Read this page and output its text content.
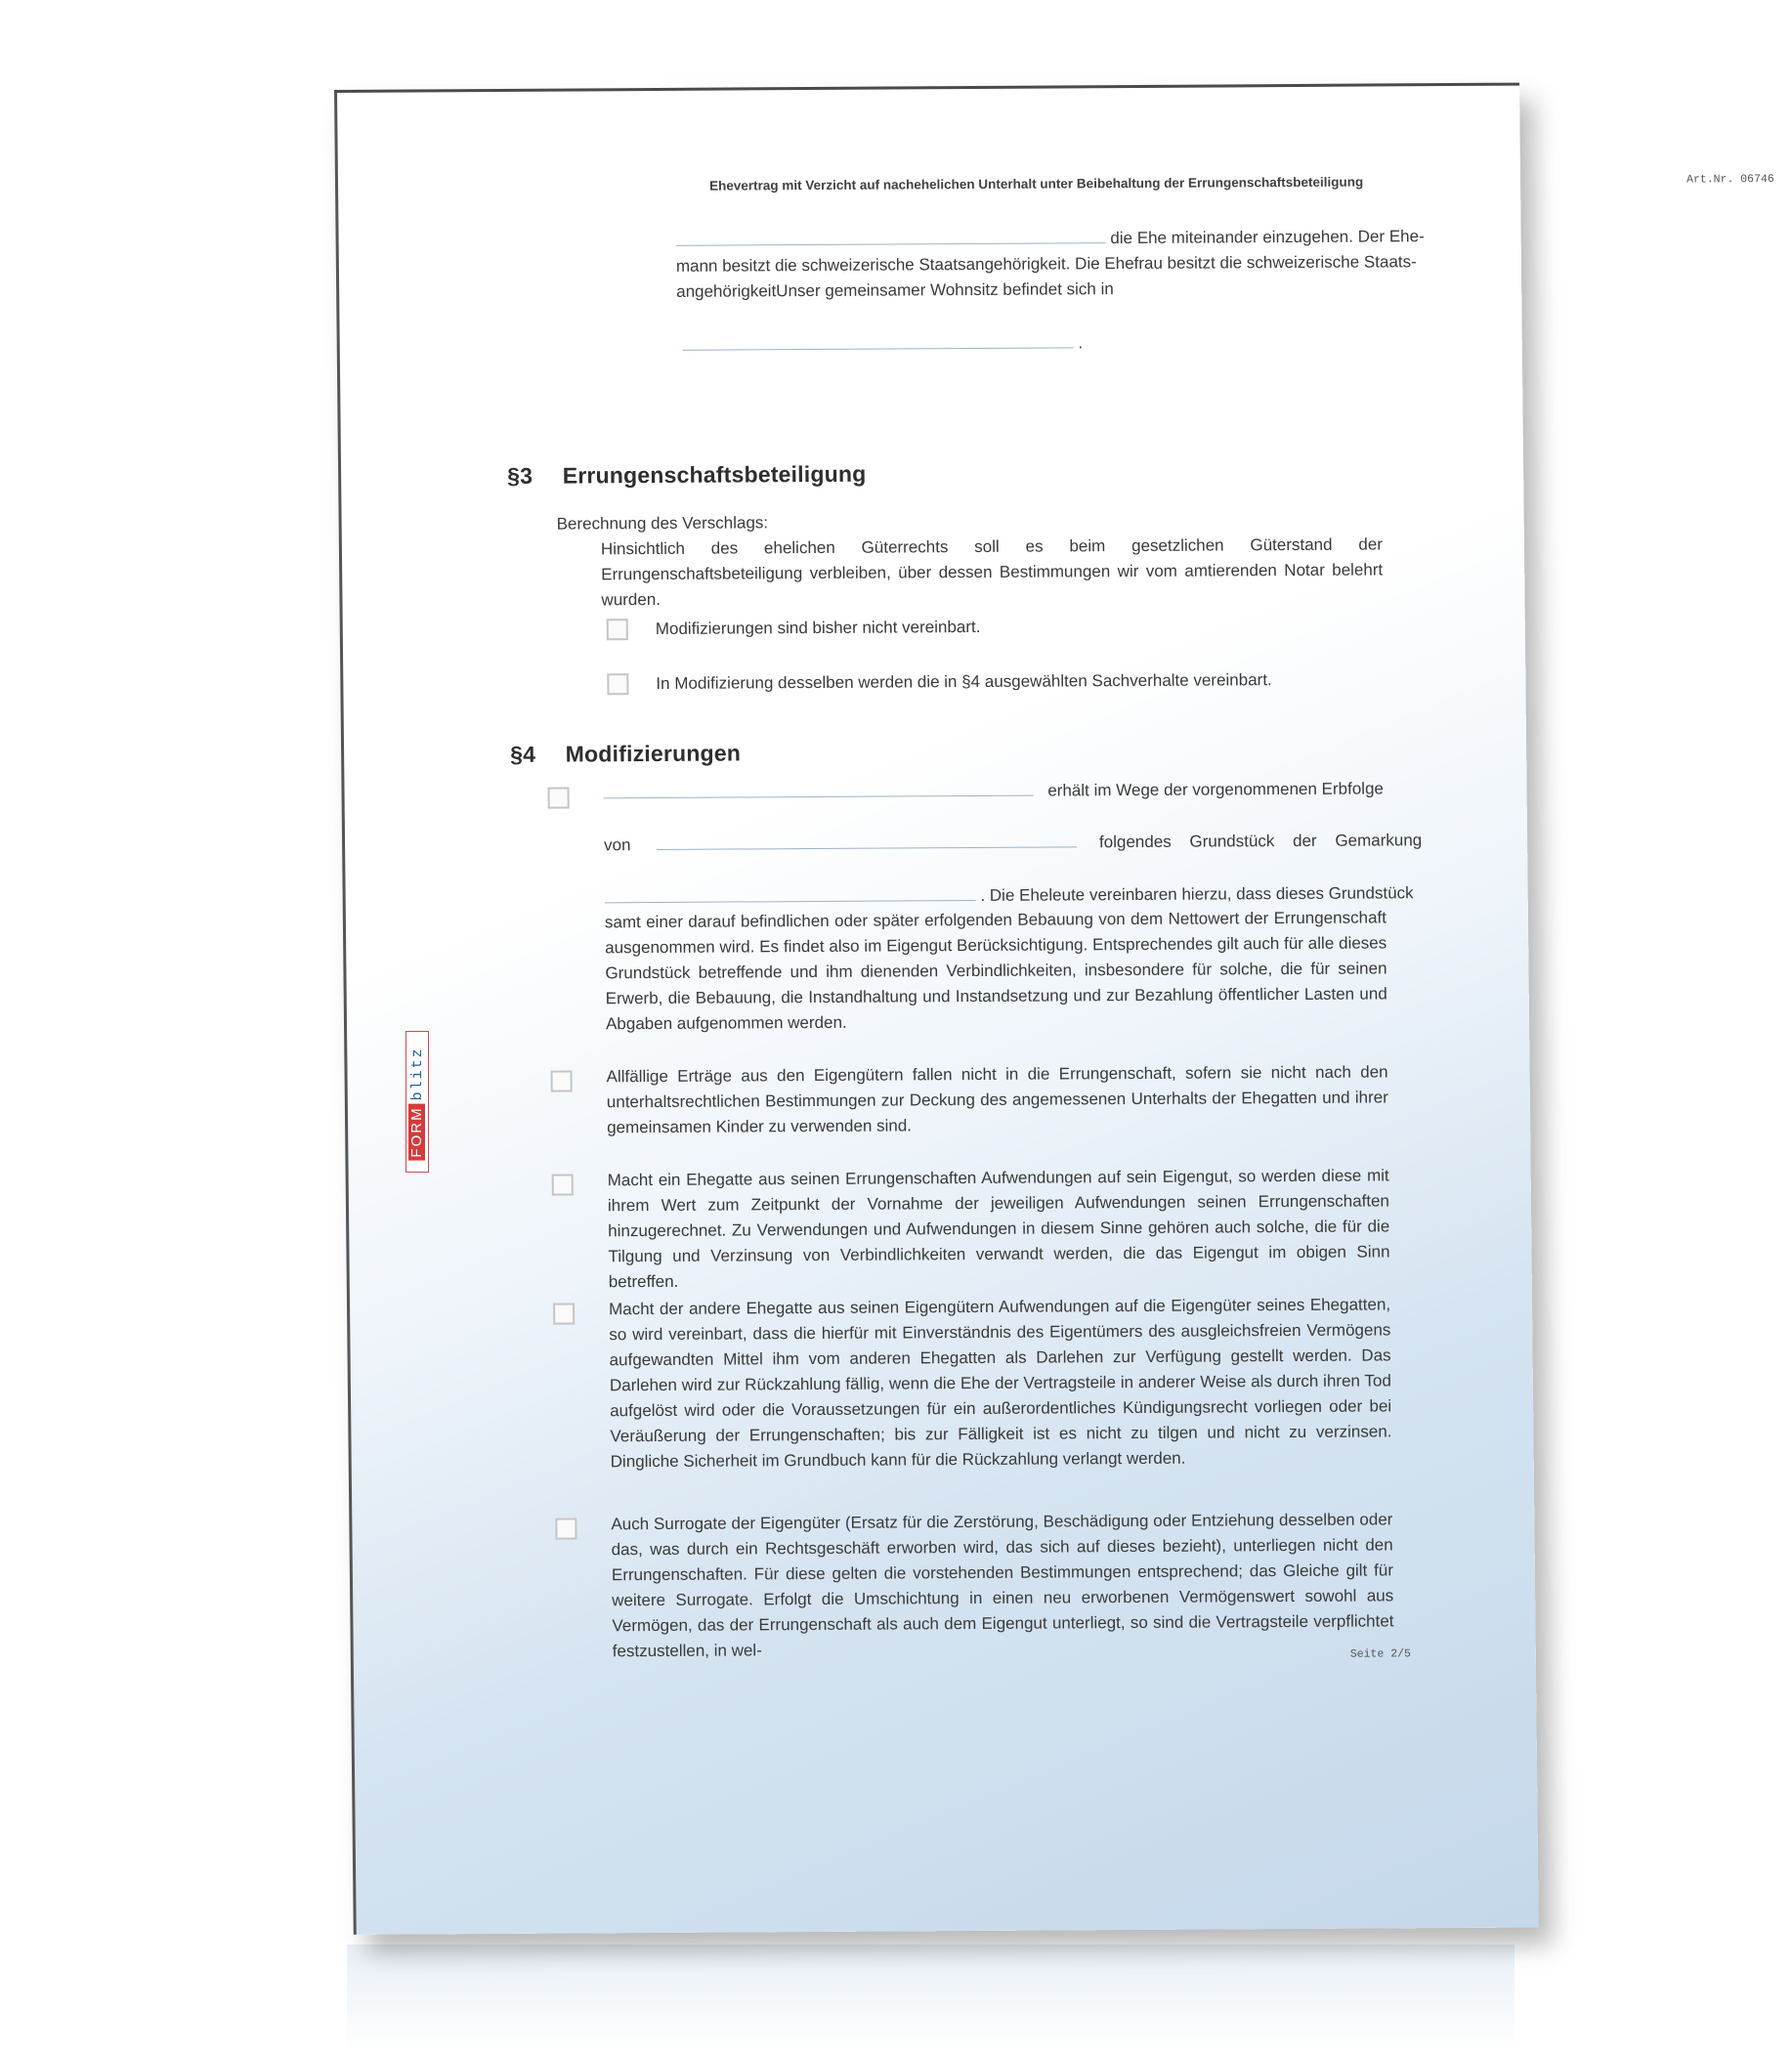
Ehevertrag mit Verzicht auf nachehelichen Unterhalt unter Beibehaltung der Errungenschaftsbeteiligung	Art.Nr. 06746
die Ehe miteinander einzugehen. Der Ehe-
mann besitzt die schweizerische Staatsangehörigkeit. Die Ehefrau besitzt die schweizerische Staats-
angehörigkeitUnser gemeinsamer Wohnsitz befindet sich in
.
§3 Errungenschaftsbeteiligung
Berechnung des Verschlags:
Hinsichtlich des ehelichen Güterrechts soll es beim gesetzlichen Güterstand der Errungenschaftsbeteiligung verbleiben, über dessen Bestimmungen wir vom amtierenden Notar belehrt wurden.
Modifizierungen sind bisher nicht vereinbart.
In Modifizierung desselben werden die in §4 ausgewählten Sachverhalte vereinbart.
§4 Modifizierungen
erhält im Wege der vorgenommenen Erbfolge
von	folgendes Grundstück der Gemarkung
. Die Eheleute vereinbaren hierzu, dass dieses Grundstück
samt einer darauf befindlichen oder später erfolgenden Bebauung von dem Nettowert der Errungenschaft ausgenommen wird. Es findet also im Eigengut Berücksichtigung. Entsprechendes gilt auch für alle dieses Grundstück betreffende und ihm dienenden Verbindlichkeiten, insbesondere für solche, die für seinen Erwerb, die Bebauung, die Instandhaltung und Instandsetzung und zur Bezahlung öffentlicher Lasten und Abgaben aufgenommen werden.
Allfällige Erträge aus den Eigengütern fallen nicht in die Errungenschaft, sofern sie nicht nach den unterhaltsrechtlichen Bestimmungen zur Deckung des angemessenen Unterhalts der Ehegatten und ihrer gemeinsamen Kinder zu verwenden sind.
Macht ein Ehegatte aus seinen Errungenschaften Aufwendungen auf sein Eigengut, so werden diese mit ihrem Wert zum Zeitpunkt der Vornahme der jeweiligen Aufwendungen seinen Errungenschaften hinzugerechnet. Zu Verwendungen und Aufwendungen in diesem Sinne gehören auch solche, die für die Tilgung und Verzinsung von Verbindlichkeiten verwandt werden, die das Eigengut im obigen Sinn betreffen.
Macht der andere Ehegatte aus seinen Eigengütern Aufwendungen auf die Eigengüter seines Ehegatten, so wird vereinbart, dass die hierfür mit Einverständnis des Eigentümers des ausgleichsfreien Vermögens aufgewandten Mittel ihm vom anderen Ehegatten als Darlehen zur Verfügung gestellt werden. Das Darlehen wird zur Rückzahlung fällig, wenn die Ehe der Vertragsteile in anderer Weise als durch ihren Tod aufgelöst wird oder die Voraussetzungen für ein außerordentliches Kündigungsrecht vorliegen oder bei Veräußerung der Errungenschaften; bis zur Fälligkeit ist es nicht zu tilgen und nicht zu verzinsen. Dingliche Sicherheit im Grundbuch kann für die Rückzahlung verlangt werden.
Auch Surrogate der Eigengüter (Ersatz für die Zerstörung, Beschädigung oder Entziehung desselben oder das, was durch ein Rechtsgeschäft erworben wird, das sich auf dieses bezieht), unterliegen nicht den Errungenschaften. Für diese gelten die vorstehenden Bestimmungen entsprechend; das Gleiche gilt für weitere Surrogate. Erfolgt die Umschichtung in einen neu erworbenen Vermögenswert sowohl aus Vermögen, das der Errungenschaft als auch dem Eigengut unterliegt, so sind die Vertragsteile verpflichtet festzustellen, in wel-	Seite 2/5
FORMblitz
